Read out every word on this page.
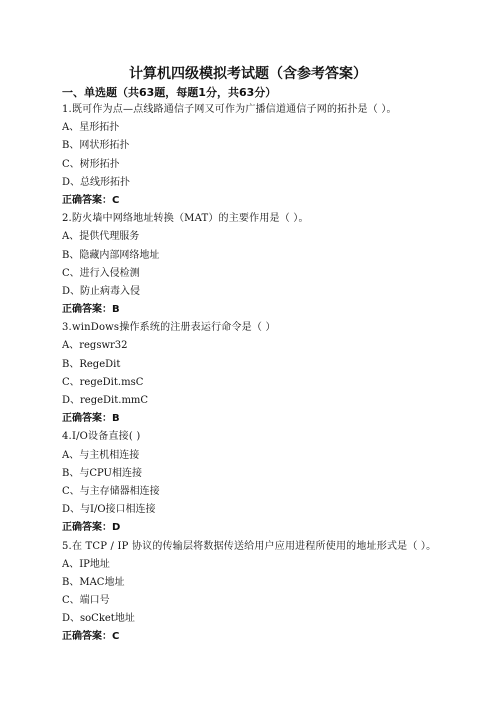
计算机四级模拟考试题（含参考答案）
一、单选题（共63题，每题1分，共63分）
1.既可作为点—点线路通信子网又可作为广播信道通信子网的拓扑是（ ）。
A、星形拓扑
B、网状形拓扑
C、树形拓扑
D、总线形拓扑
正确答案：C
2.防火墙中网络地址转换（MAT）的主要作用是（ ）。
A、提供代理服务
B、隐藏内部网络地址
C、进行入侵检测
D、防止病毒入侵
正确答案：B
3.winDows操作系统的注册表运行命令是（ ）
A、regswr32
B、RegeDit
C、regeDit.msC
D、regeDit.mmC
正确答案：B
4.I/O设备直接( )
A、与主机相连接
B、与CPU相连接
C、与主存储器相连接
D、与I/O接口相连接
正确答案：D
5.在 TCP / IP 协议的传输层将数据传送给用户应用进程所使用的地址形式是（ ）。
A、IP地址
B、MAC地址
C、端口号
D、soCket地址
正确答案：C
